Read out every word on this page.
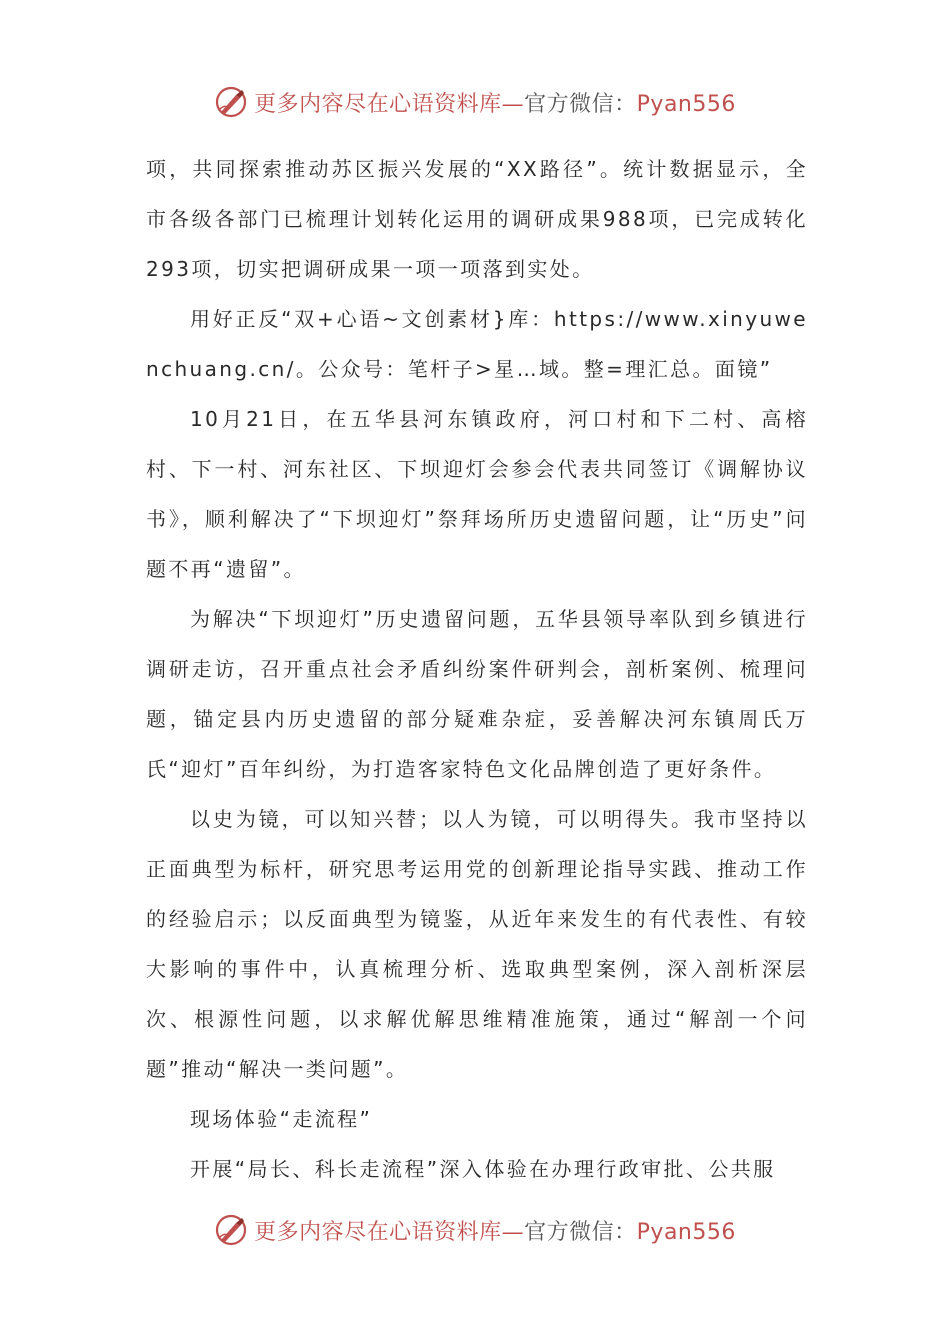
更多内容尽在心语资料库—官方微信：Pyan556

项，共同探索推动苏区振兴发展的“XX路径”。统计数据显示，全市各级各部门已梳理计划转化运用的调研成果988项，已完成转化293项，切实把调研成果一项一项落到实处。

用好正反“双+心语~文创素材}库：https://www.xinyuwenchuang.cn/。公众号：笔杆子>星…域。整=理汇总。面镜”

10月21日，在五华县河东镇政府，河口村和下二村、高榕村、下一村、河东社区、下坝迎灯会参会代表共同签订《调解协议书》，顺利解决了“下坝迎灯”祭拜场所历史遗留问题，让“历史”问题不再“遗留”。

为解决“下坝迎灯”历史遗留问题，五华县领导率队到乡镇进行调研走访，召开重点社会矛盾纠纷案件研判会，剖析案例、梳理问题，锚定县内历史遗留的部分疑难杂症，妥善解决河东镇周氏万氏“迎灯”百年纠纷，为打造客家特色文化品牌创造了更好条件。

以史为镜，可以知兴替；以人为镜，可以明得失。我市坚持以正面典型为标杆，研究思考运用党的创新理论指导实践、推动工作的经验启示；以反面典型为镜鉴，从近年来发生的有代表性、有较大影响的事件中，认真梳理分析、选取典型案例，深入剖析深层次、根源性问题，以求解优解思维精准施策，通过“解剖一个问题”推动“解决一类问题”。

现场体验“走流程”

开展“局长、科长走流程”深入体验在办理行政审批、公共服

更多内容尽在心语资料库—官方微信：Pyan556
